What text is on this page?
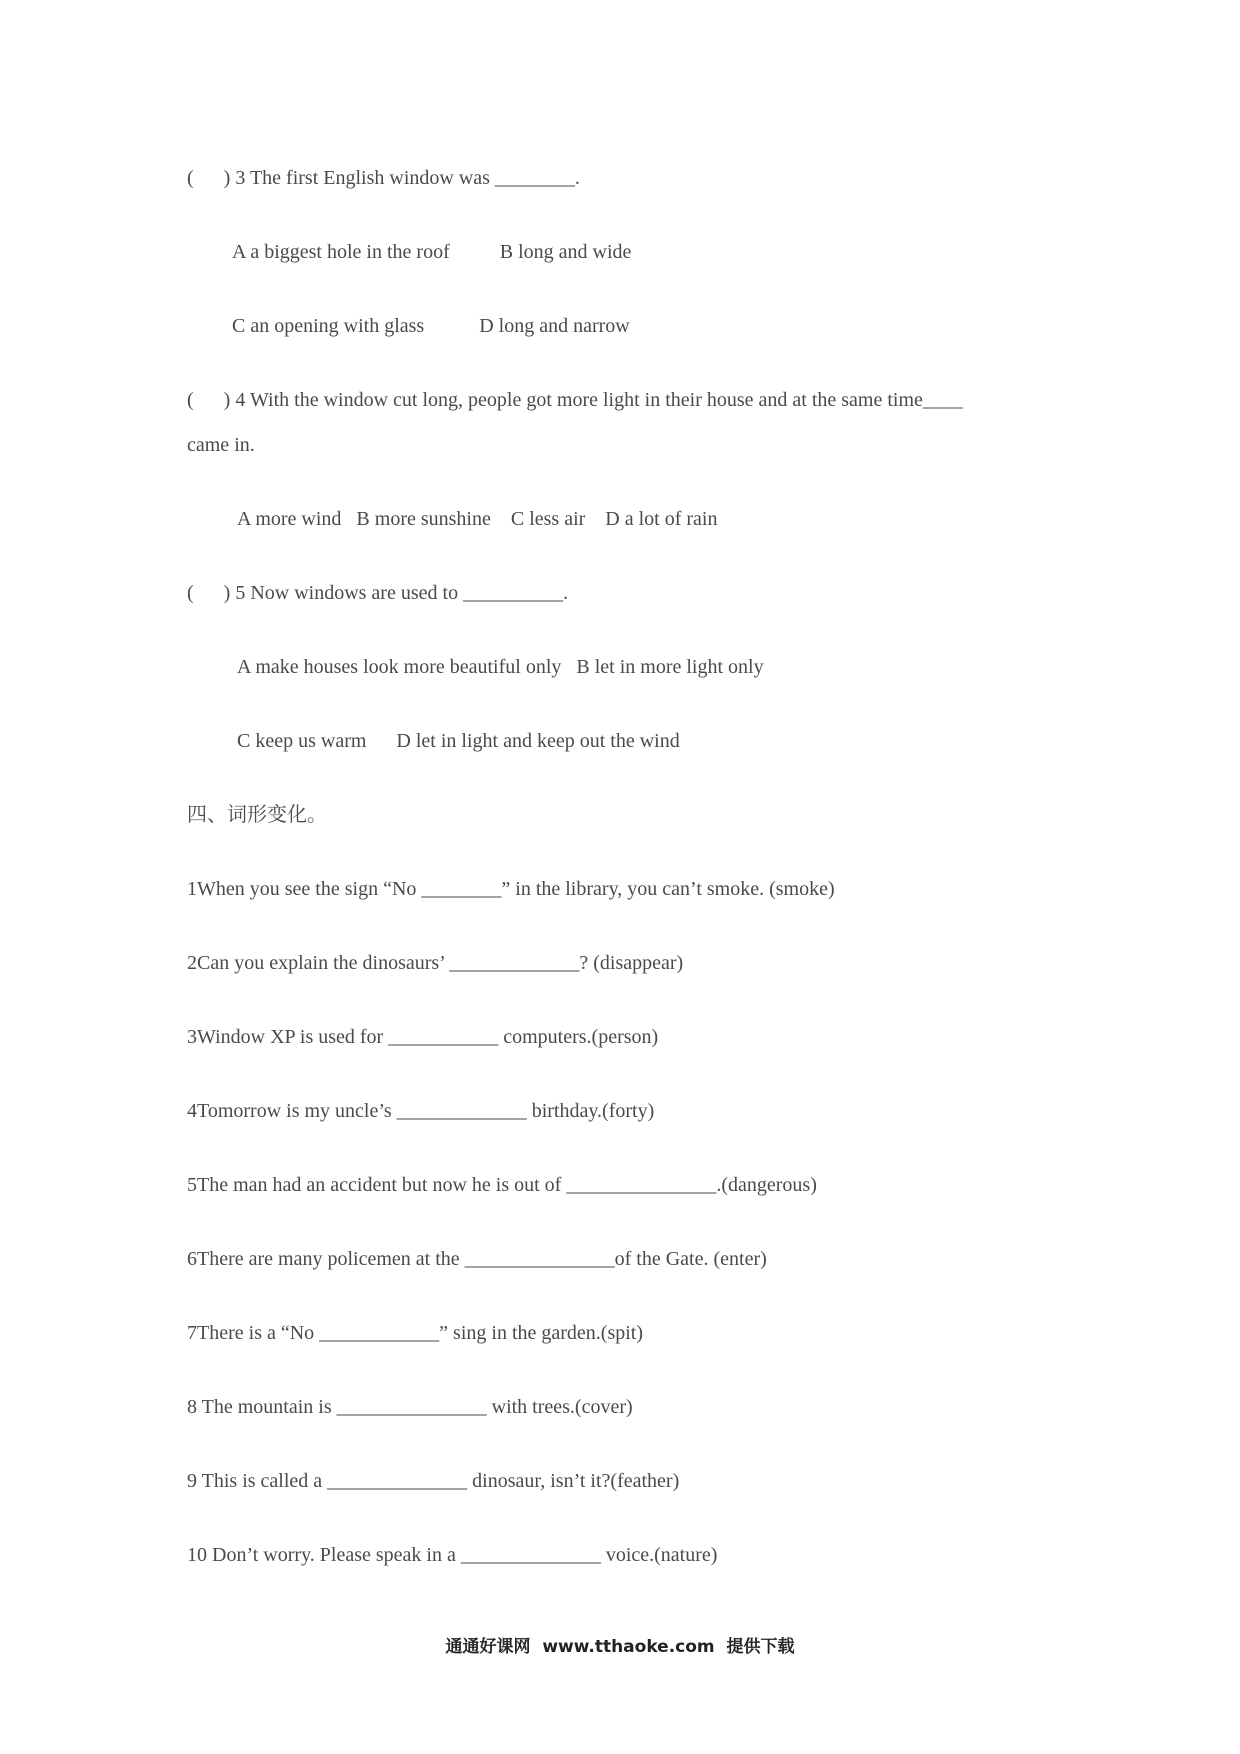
(      ) 3 The first English window was ________.
A a biggest hole in the roof          B long and wide
C an opening with glass           D long and narrow
(      ) 4 With the window cut long, people got more light in their house and at the same time____
came in.
A more wind   B more sunshine    C less air    D a lot of rain
(      ) 5 Now windows are used to __________.
A make houses look more beautiful only   B let in more light only
C keep us warm      D let in light and keep out the wind
四、词形变化。
1When you see the sign “No ________” in the library, you can’t smoke. (smoke)
2Can you explain the dinosaurs’ _____________? (disappear)
3Window XP is used for ___________ computers.(person)
4Tomorrow is my uncle’s _____________ birthday.(forty)
5The man had an accident but now he is out of _______________.(dangerous)
6There are many policemen at the _______________of the Gate. (enter)
7There is a “No ____________” sing in the garden.(spit)
8 The mountain is _______________ with trees.(cover)
9 This is called a ______________ dinosaur, isn’t it?(feather)
10 Don’t worry. Please speak in a ______________ voice.(nature)
通通好课网  www.tthaoke.com  提供下载
